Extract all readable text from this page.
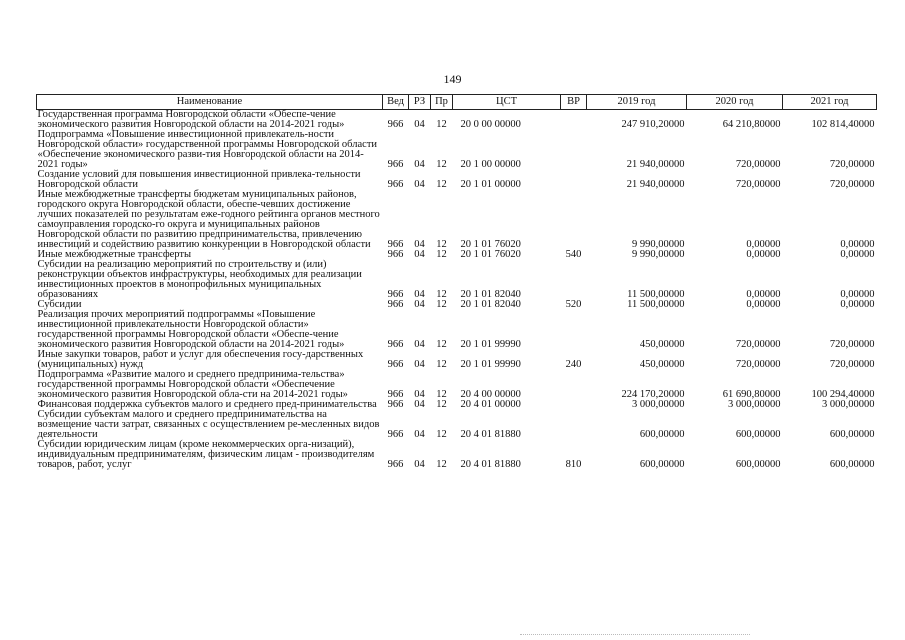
149
Наименование	Вед	РЗ	Пр	ЦСТ	ВР	2019 год	2020 год	2021 год
Государственная программа Новгородской области «Обеспе-чение экономического развития Новгородской области на 2014-2021 годы»	966	04	12	20 0 00 00000		247 910,20000	64 210,80000	102 814,40000
Подпрограмма «Повышение инвестиционной привлекатель-ности Новгородской области» государственной программы Новгородской области «Обеспечение экономического разви-тия Новгородской области на 2014-2021 годы»	966	04	12	20 1 00 00000		21 940,00000	720,00000	720,00000
Создание условий для повышения инвестиционной привлека-тельности Новгородской области	966	04	12	20 1 01 00000		21 940,00000	720,00000	720,00000
Иные межбюджетные трансферты бюджетам муниципальных районов, городского округа Новгородской области, обеспе-чевших достижение лучших показателей по результатам еже-годного рейтинга органов местного самоуправления городско-го округа и муниципальных районов Новгородской области по развитию предпринимательства, привлечению инвестиций и содействию развитию конкуренции в Новгородской области	966	04	12	20 1 01 76020		9 990,00000	0,00000	0,00000
Иные межбюджетные трансферты	966	04	12	20 1 01 76020	540	9 990,00000	0,00000	0,00000
Субсидии на реализацию мероприятий по строительству и (или) реконструкции объектов инфраструктуры, необходимых для реализации инвестиционных проектов в монопрофильных муниципальных образованиях	966	04	12	20 1 01 82040		11 500,00000	0,00000	0,00000
Субсидии	966	04	12	20 1 01 82040	520	11 500,00000	0,00000	0,00000
Реализация прочих мероприятий подпрограммы «Повышение инвестиционной привлекательности Новгородской области» государственной программы Новгородской области «Обеспе-чение экономического развития Новгородской области на 2014-2021 годы»	966	04	12	20 1 01 99990		450,00000	720,00000	720,00000
Иные закупки товаров, работ и услуг для обеспечения госу-дарственных (муниципальных) нужд	966	04	12	20 1 01 99990	240	450,00000	720,00000	720,00000
Подпрограмма «Развитие малого и среднего предпринима-тельства» государственной программы Новгородской области «Обеспечение экономического развития Новгородской обла-сти на 2014-2021 годы»	966	04	12	20 4 00 00000		224 170,20000	61 690,80000	100 294,40000
Финансовая поддержка субъектов малого и среднего пред-принимательства	966	04	12	20 4 01 00000		3 000,00000	3 000,00000	3 000,00000
Субсидии субъектам малого и среднего предпринимательства на возмещение части затрат, связанных с осуществлением ре-месленных видов деятельности	966	04	12	20 4 01 81880		600,00000	600,00000	600,00000
Субсидии юридическим лицам (кроме некоммерческих орга-низаций), индивидуальным предпринимателям, физическим лицам - производителям товаров, работ, услуг	966	04	12	20 4 01 81880	810	600,00000	600,00000	600,00000
